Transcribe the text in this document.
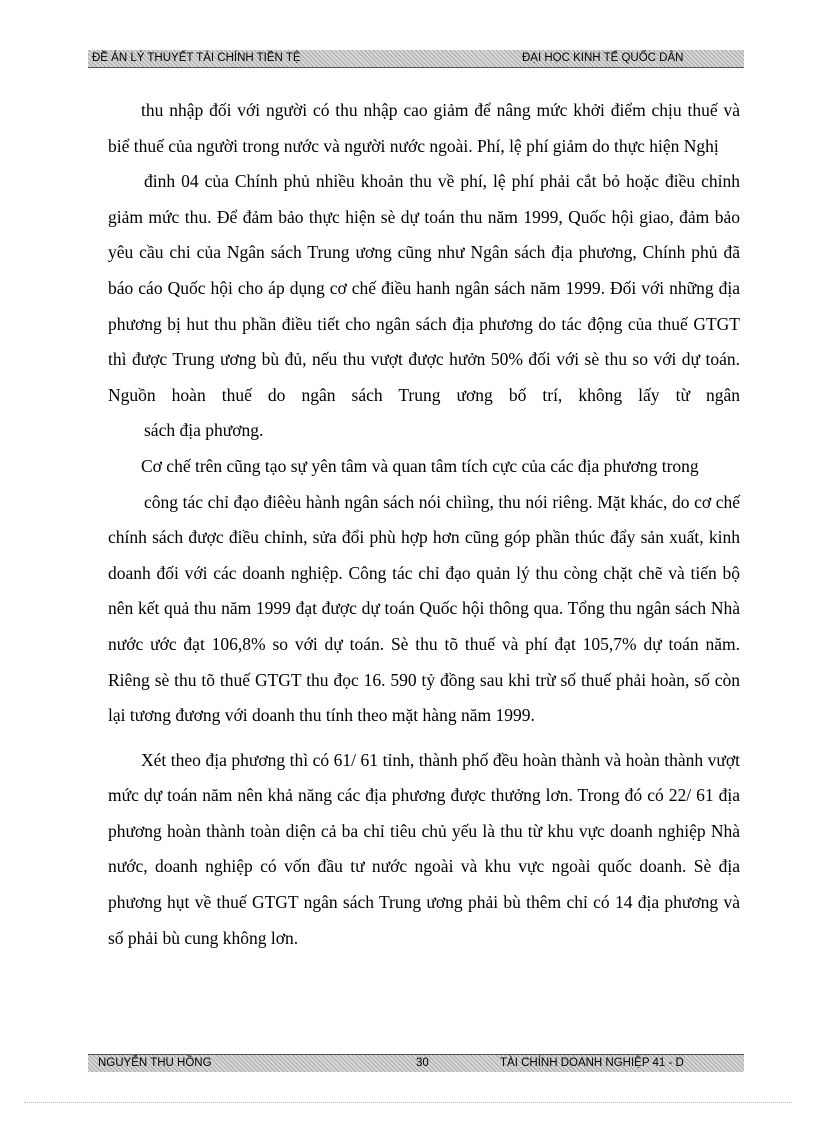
ĐỀ ÁN LÝ THUYẾT TÀI CHÍNH TIỀN TỆ	ĐẠI HỌC KINH TẾ QUỐC DÂN

thu nhập đối với người có thu nhập cao giảm để nâng mức khởi điểm chịu thuế và biể thuế của người trong nước và người nước ngoài. Phí, lệ phí giảm do thực hiện Nghị

đinh 04 của Chính phủ nhiều khoản thu về phí, lệ phí phải cắt bỏ hoặc điều chỉnh giảm mức thu. Để đảm bảo thực hiện sè dự toán thu năm 1999, Quốc hội giao, đảm bảo yêu cầu chi của Ngân sách Trung ương cũng như Ngân sách địa phương, Chính phủ đã báo cáo Quốc hội cho áp dụng cơ chế điều hanh ngân sách năm 1999. Đối với những địa phương bị hut thu phần điều tiết cho ngân sách địa phương do tác động của thuế GTGT thì được Trung ương bù đủ, nếu thu vượt được hưởn 50% đối với sè thu so với dự toán. Nguồn hoàn thuế do ngân sách Trung ương bố trí, không lấy từ ngân

sách địa phương.

Cơ chế trên cũng tạo sự yên tâm và quan tâm tích cực của các địa phương trong

công tác chỉ đạo điêèu hành ngân sách nói chiìng, thu nói riêng. Mặt khác, do cơ chế chính sách được điều chỉnh, sửa đổi phù hợp hơn cũng góp phần thúc đẩy sản xuất, kinh doanh đối với các doanh nghiệp. Công tác chỉ đạo quản lý thu còng chặt chẽ và tiến bộ nên kết quả thu năm 1999 đạt được dự toán Quốc hội thông qua. Tổng thu ngân sách Nhà nước ước đạt 106,8% so với dự toán. Sè thu tõ thuế và phí đạt 105,7% dự toán năm. Riêng sè thu tõ thuế GTGT thu đọc 16. 590 tỷ đồng sau khi trừ số thuế phải hoàn, số còn lại tương đương với doanh thu tính theo mặt hàng năm 1999.

Xét theo địa phương thì có 61/ 61 tỉnh, thành phố đều hoàn thành và hoàn thành vượt mức dự toán năm nên khả năng các địa phương được thưởng lơn. Trong đó có 22/ 61 địa phương hoàn thành toàn diện cả ba chỉ tiêu chủ yếu là thu từ khu vực doanh nghiệp Nhà nước, doanh nghiệp có vốn đầu tư nước ngoài và khu vực ngoài quốc doanh. Sè địa phương hụt về thuế GTGT ngân sách Trung ương phải bù thêm chỉ có 14 địa phương và số phải bù cung không lơn.

NGUYỄN THU HỒNG	30	TÀI CHÍNH DOANH NGHIỆP 41 - D
